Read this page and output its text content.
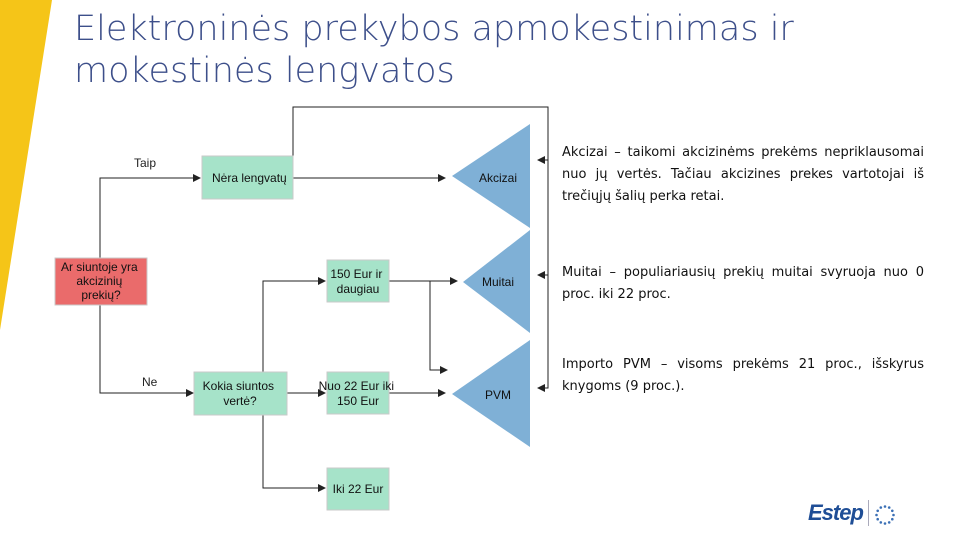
Elektroninės prekybos apmokestinimas ir mokestinės lengvatos
Taip
Ne
Akcizai
Muitai
PVM
Ar siuntoje yra akcizinių prekių?
Nėra lengvatų
Kokia siuntos vertė?
150 Eur ir daugiau
Nuo 22 Eur iki 150 Eur
Iki 22 Eur
Akcizai – taikomi akcizinėms prekėms nepriklausomai nuo jų vertės. Tačiau akcizines prekes vartotojai iš trečiųjų šalių perka retai.
Muitai – populiariausių prekių muitai svyruoja nuo 0 proc. iki 22 proc.
Importo PVM – visoms prekėms 21 proc., išskyrus knygoms (9 proc.).
Estep
